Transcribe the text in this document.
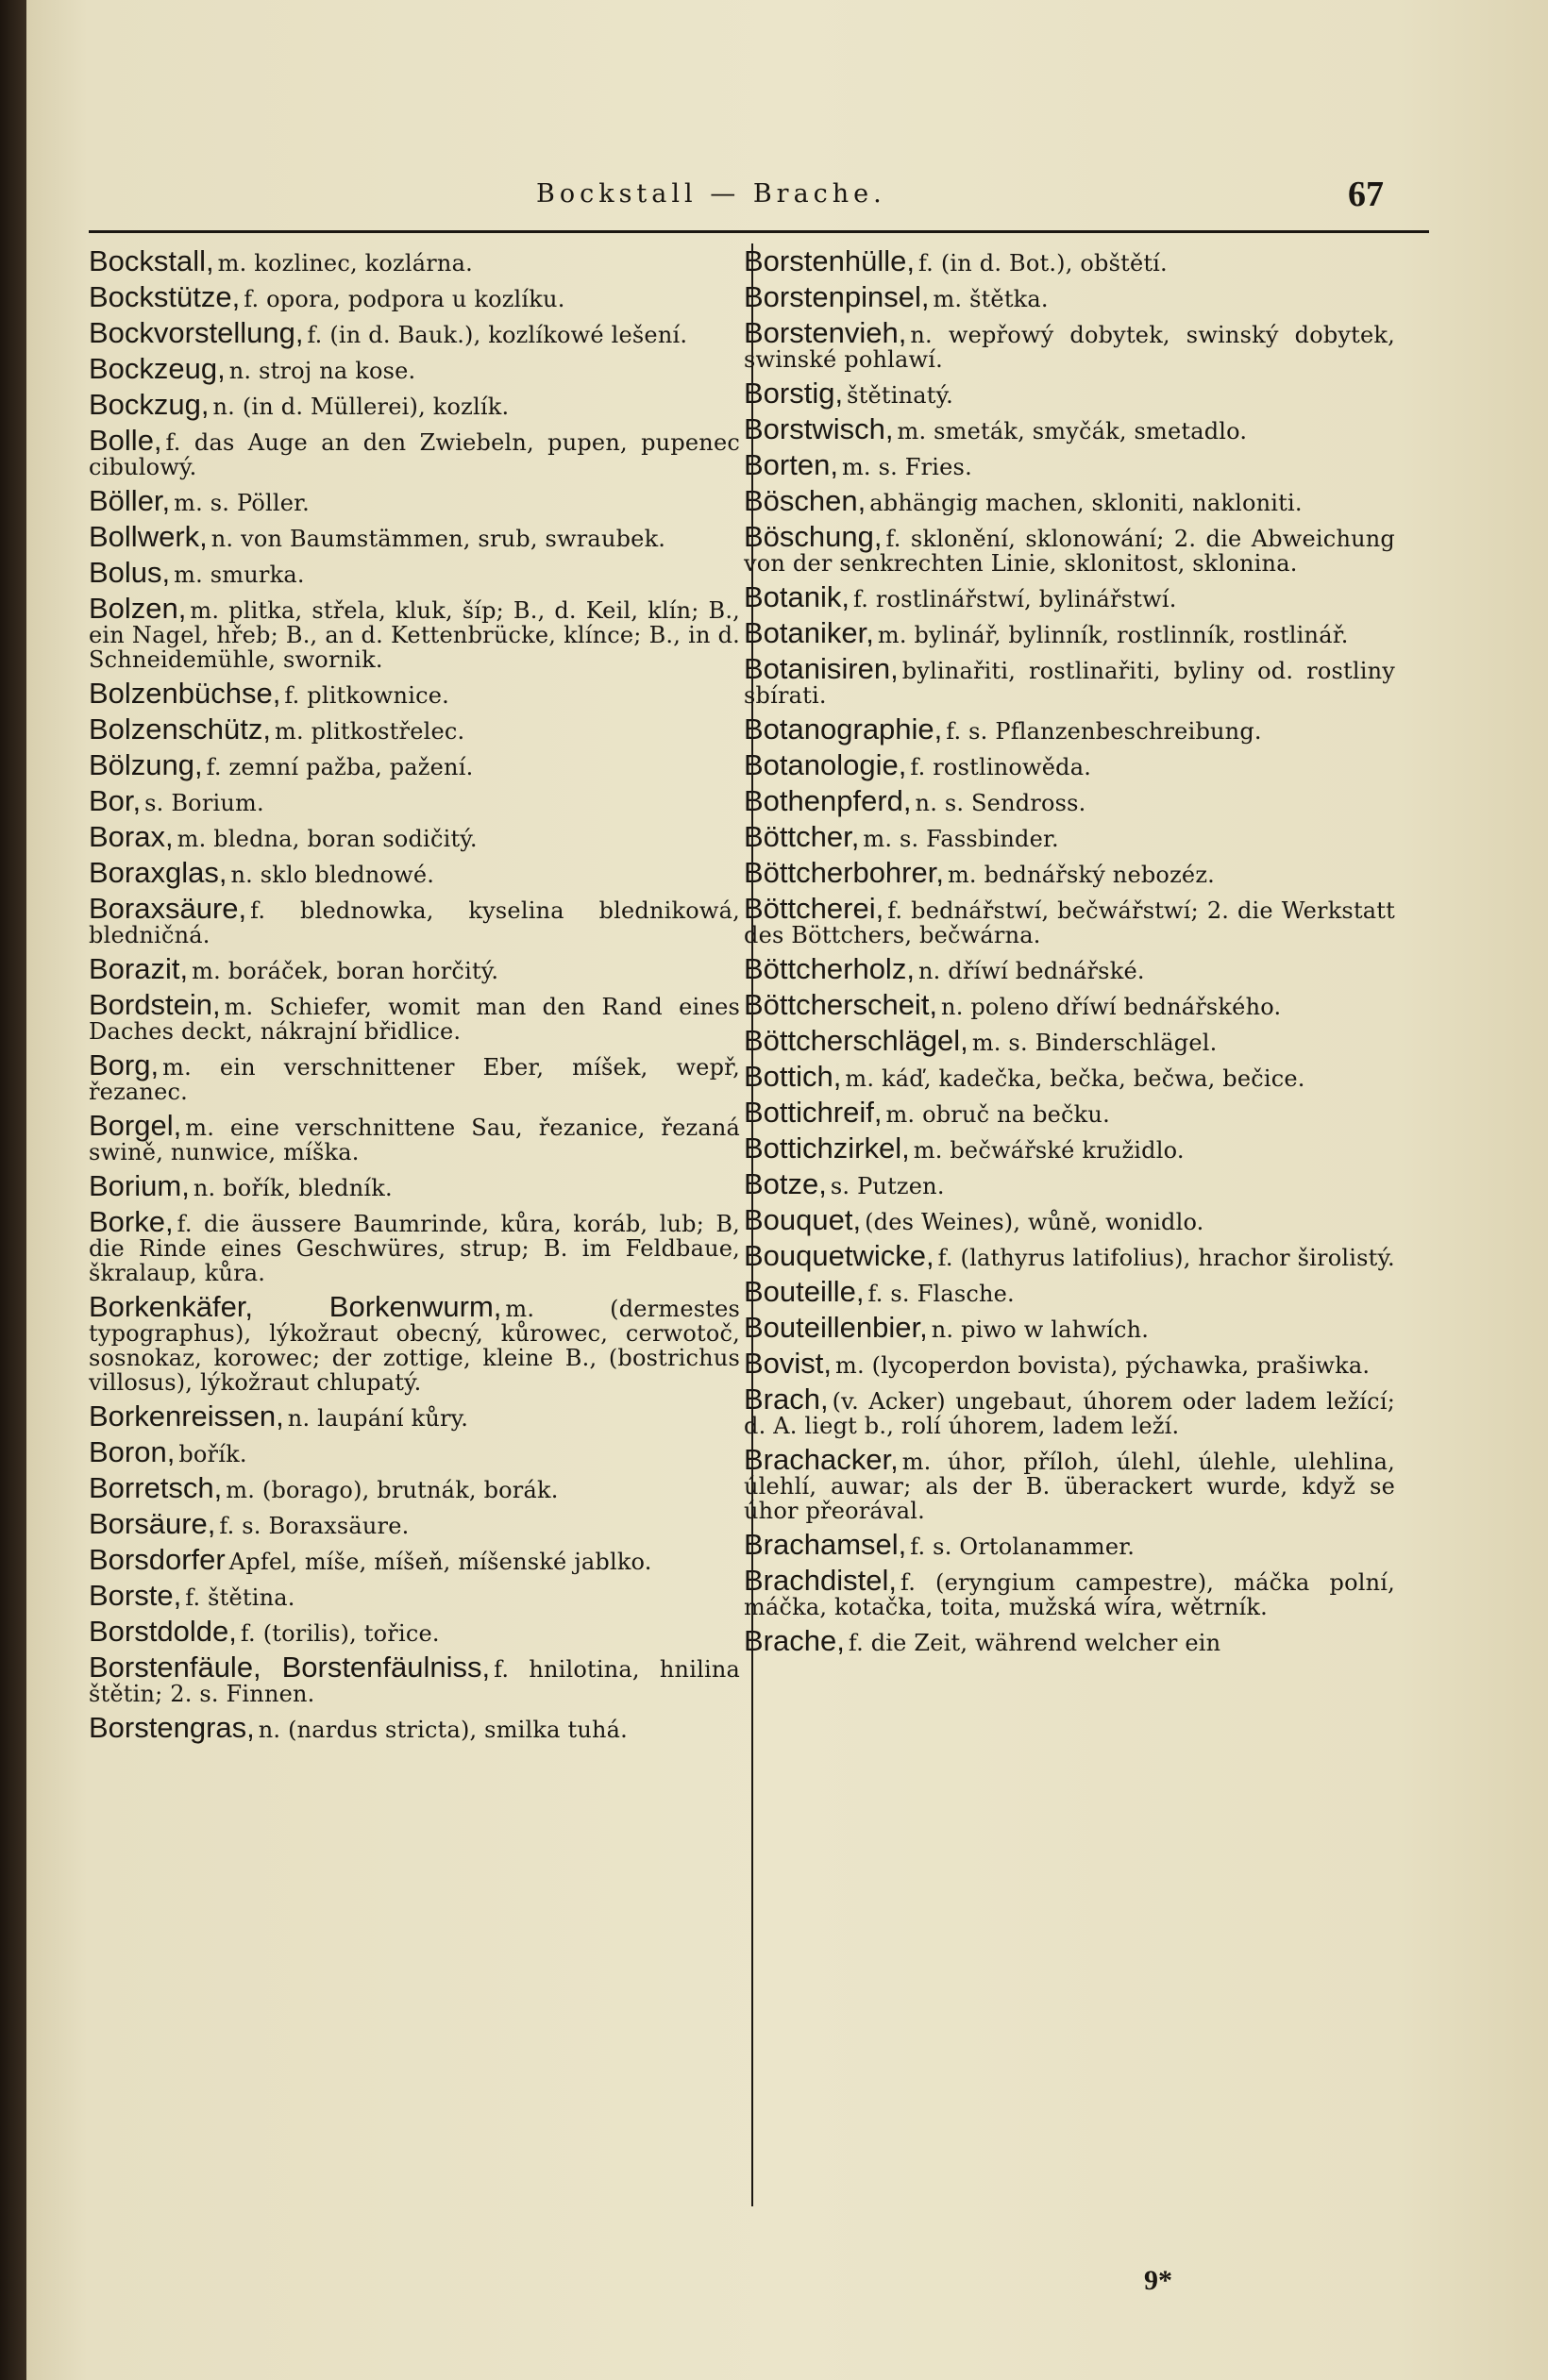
Bockstall — Brache.	67
Bockstall, m. kozlinec, kozlárna.
Bockstütze, f. opora, podpora u kozlíku.
Bockvorstellung, f. (in d. Bauk.), kozlíkowé lešení.
Bockzeug, n. stroj na kose.
Bockzug, n. (in d. Müllerei), kozlík.
Bolle, f. das Auge an den Zwiebeln, pupen, pupenec cibulowý.
Böller, m. s. Pöller.
Bollwerk, n. von Baumstämmen, srub, swraubek.
Bolus, m. smurka.
Bolzen, m. plitka, střela, kluk, šíp; B., d. Keil, klín; B., ein Nagel, hřeb; B., an d. Kettenbrücke, klínce; B., in d. Schneidemühle, swornik.
Bolzenbüchse, f. plitkownice.
Bolzenschütz, m. plitkostřelec.
Bölzung, f. zemní pažba, pažení.
Bor, s. Borium.
Borax, m. bledna, boran sodičitý.
Boraxglas, n. sklo blednowé.
Boraxsäure, f. blednowka, kyselina blednikowá, bledničná.
Borazit, m. boráček, boran horčitý.
Bordstein, m. Schiefer, womit man den Rand eines Daches deckt, nákrajní břidlice.
Borg, m. ein verschnittener Eber, míšek, wepř, řezanec.
Borgel, m. eine verschnittene Sau, řezanice, řezaná swině, nunwice, míška.
Borium, n. bořík, bledník.
Borke, f. die äussere Baumrinde, kůra, koráb, lub; B, die Rinde eines Geschwüres, strup; B. im Feldbaue, škralaup, kůra.
Borkenkäfer, Borkenwurm, m. (dermestes typographus), lýkožraut obecný, kůrowec, cerwotoč, sosnokaz, korowec; der zottige, kleine B., (bostrichus villosus), lýkožraut chlupatý.
Borkenreissen, n. laupání kůry.
Boron, bořík.
Borretsch, m. (borago), brutnák, borák.
Borsäure, f. s. Boraxsäure.
Borsdorfer Apfel, míše, míšeň, míšenské jablko.
Borste, f. štětina.
Borstdolde, f. (torilis), tořice.
Borstenfäule, Borstenfäulniss, f. hnilotina, hnilina štětin; 2. s. Finnen.
Borstengras, n. (nardus stricta), smilka tuhá.
Borstenhülle, f. (in d. Bot.), obštětí.
Borstenpinsel, m. štětka.
Borstenvieh, n. wepřowý dobytek, swinský dobytek, swinské pohlawí.
Borstig, štětinatý.
Borstwisch, m. smeták, smyčák, smetadlo.
Borten, m. s. Fries.
Böschen, abhängig machen, skloniti, nakloniti.
Böschung, f. sklonění, sklonowání; 2. die Abweichung von der senkrechten Linie, sklonitost, sklonina.
Botanik, f. rostlinářstwí, bylinářstwí.
Botaniker, m. bylinář, bylinník, rostlinník, rostlinář.
Botanisiren, bylinařiti, rostlinařiti, byliny od. rostliny sbírati.
Botanographie, f. s. Pflanzenbeschreibung.
Botanologie, f. rostlinowěda.
Bothenpferd, n. s. Sendross.
Böttcher, m. s. Fassbinder.
Böttcherbohrer, m. bednářský nebozéz.
Böttcherei, f. bednářstwí, bečwářstwí; 2. die Werkstatt des Böttchers, bečwárna.
Böttcherholz, n. dříwí bednářské.
Böttcherscheit, n. poleno dříwí bednářského.
Böttcherschlägel, m. s. Binderschlägel.
Bottich, m. káď, kadečka, bečka, bečwa, bečice.
Bottichreif, m. obruč na bečku.
Bottichzirkel, m. bečwářské kružidlo.
Botze, s. Putzen.
Bouquet, (des Weines), wůně, wonidlo.
Bouquetwicke, f. (lathyrus latifolius), hrachor širolistý.
Bouteille, f. s. Flasche.
Bouteillenbier, n. piwo w lahwích.
Bovist, m. (lycoperdon bovista), pýchawka, prašiwka.
Brach, (v. Acker) ungebaut, úhorem oder ladem ležící; d. A. liegt b., rolí úhorem, ladem leží.
Brachacker, m. úhor, příloh, úlehl, úlehle, ulehlina, úlehlí, auwar; als der B. überackert wurde, když se úhor přeorával.
Brachamsel, f. s. Ortolanammer.
Brachdistel, f. (eryngium campestre), máčka polní, máčka, kotačka, toita, mužská wíra, wětrník.
Brache, f. die Zeit, während welcher ein
9*
